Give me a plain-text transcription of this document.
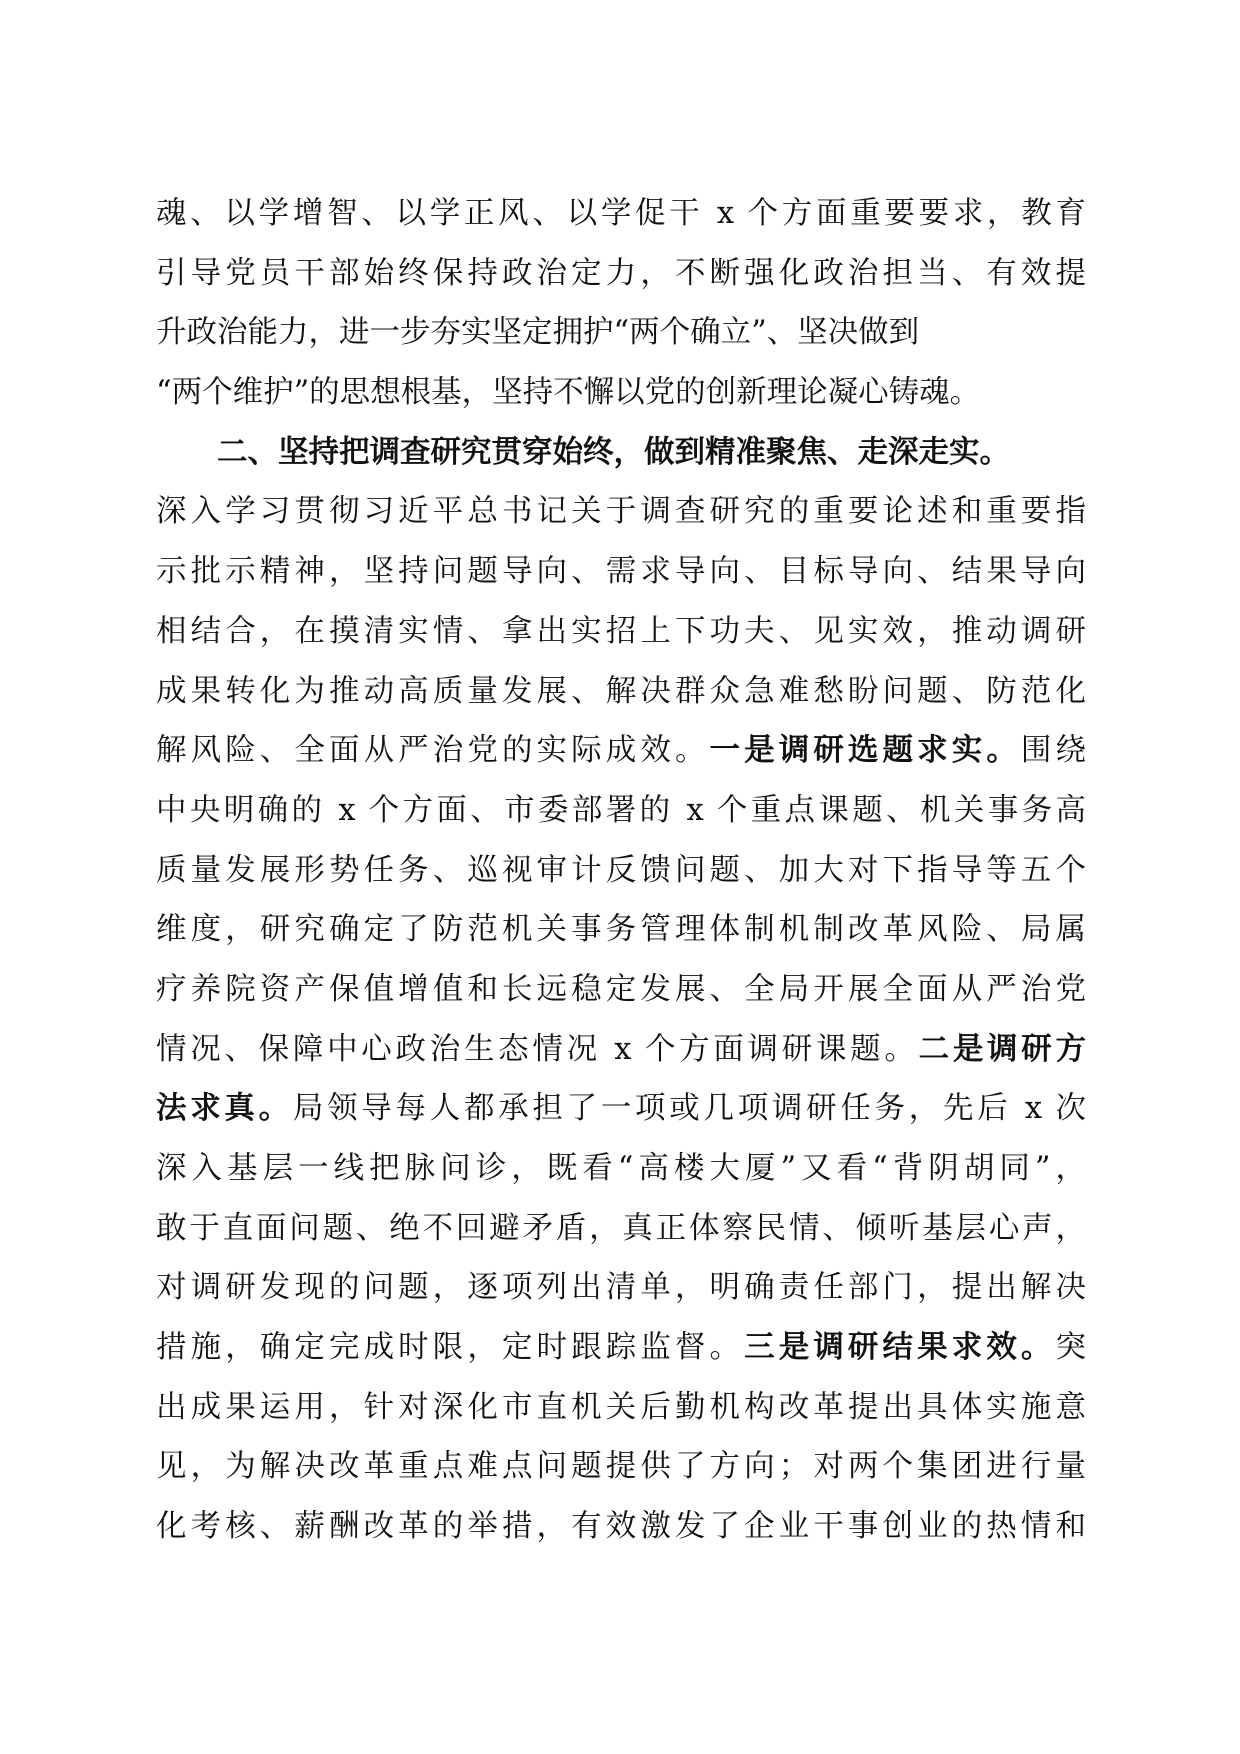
魂、以学增智、以学正风、以学促干 x 个方面重要要求，教育
引导党员干部始终保持政治定力，不断强化政治担当、有效提
升政治能力，进一步夯实坚定拥护“两个确立”、坚决做到
“两个维护”的思想根基，坚持不懈以党的创新理论凝心铸魂。
二、坚持把调查研究贯穿始终，做到精准聚焦、走深走实。
深入学习贯彻习近平总书记关于调查研究的重要论述和重要指
示批示精神，坚持问题导向、需求导向、目标导向、结果导向
相结合，在摸清实情、拿出实招上下功夫、见实效，推动调研
成果转化为推动高质量发展、解决群众急难愁盼问题、防范化
解风险、全面从严治党的实际成效。一是调研选题求实。围绕
中央明确的 x 个方面、市委部署的 x 个重点课题、机关事务高
质量发展形势任务、巡视审计反馈问题、加大对下指导等五个
维度，研究确定了防范机关事务管理体制机制改革风险、局属
疗养院资产保值增值和长远稳定发展、全局开展全面从严治党
情况、保障中心政治生态情况 x 个方面调研课题。二是调研方
法求真。局领导每人都承担了一项或几项调研任务，先后 x 次
深入基层一线把脉问诊，既看“高楼大厦”又看“背阴胡同”，
敢于直面问题、绝不回避矛盾，真正体察民情、倾听基层心声，
对调研发现的问题，逐项列出清单，明确责任部门，提出解决
措施，确定完成时限，定时跟踪监督。三是调研结果求效。突
出成果运用，针对深化市直机关后勤机构改革提出具体实施意
见，为解决改革重点难点问题提供了方向；对两个集团进行量
化考核、薪酬改革的举措，有效激发了企业干事创业的热情和
